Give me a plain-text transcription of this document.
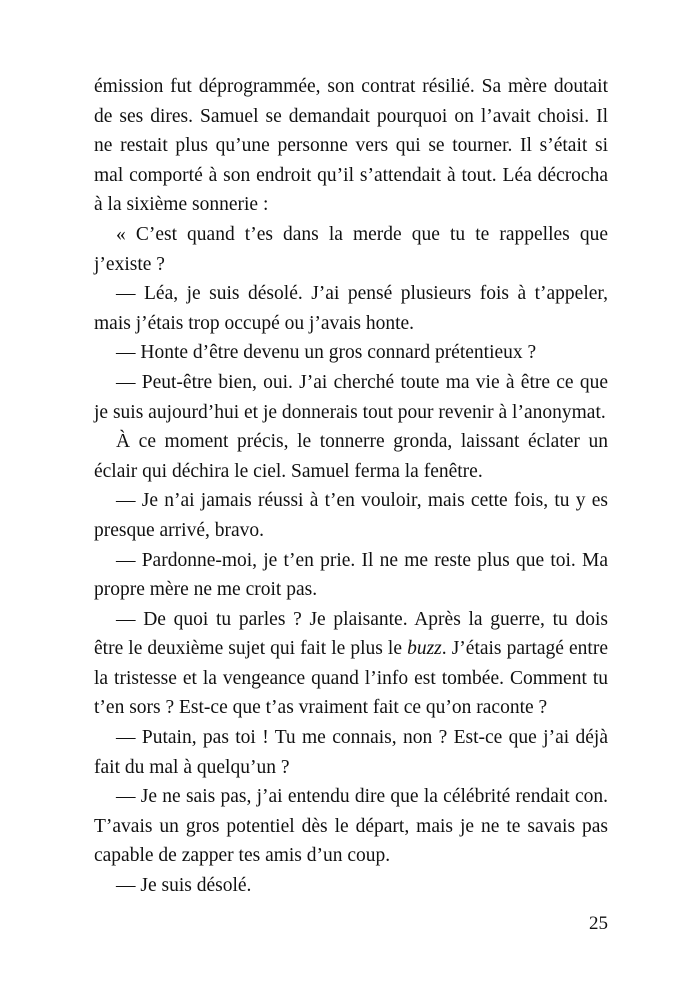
émission fut déprogrammée, son contrat résilié. Sa mère doutait de ses dires. Samuel se demandait pourquoi on l’avait choisi. Il ne restait plus qu’une personne vers qui se tourner. Il s’était si mal comporté à son endroit qu’il s’attendait à tout. Léa décrocha à la sixième sonnerie :

« C’est quand t’es dans la merde que tu te rappelles que j’existe ?

— Léa, je suis désolé. J’ai pensé plusieurs fois à t’appeler, mais j’étais trop occupé ou j’avais honte.

— Honte d’être devenu un gros connard prétentieux ?

— Peut-être bien, oui. J’ai cherché toute ma vie à être ce que je suis aujourd’hui et je donnerais tout pour revenir à l’anonymat.

À ce moment précis, le tonnerre gronda, laissant éclater un éclair qui déchira le ciel. Samuel ferma la fenêtre.

— Je n’ai jamais réussi à t’en vouloir, mais cette fois, tu y es presque arrivé, bravo.

— Pardonne-moi, je t’en prie. Il ne me reste plus que toi. Ma propre mère ne me croit pas.

— De quoi tu parles ? Je plaisante. Après la guerre, tu dois être le deuxième sujet qui fait le plus le buzz. J’étais partagé entre la tristesse et la vengeance quand l’info est tombée. Comment tu t’en sors ? Est-ce que t’as vraiment fait ce qu’on raconte ?

— Putain, pas toi ! Tu me connais, non ? Est-ce que j’ai déjà fait du mal à quelqu’un ?

— Je ne sais pas, j’ai entendu dire que la célébrité rendait con. T’avais un gros potentiel dès le départ, mais je ne te savais pas capable de zapper tes amis d’un coup.

— Je suis désolé.

25
